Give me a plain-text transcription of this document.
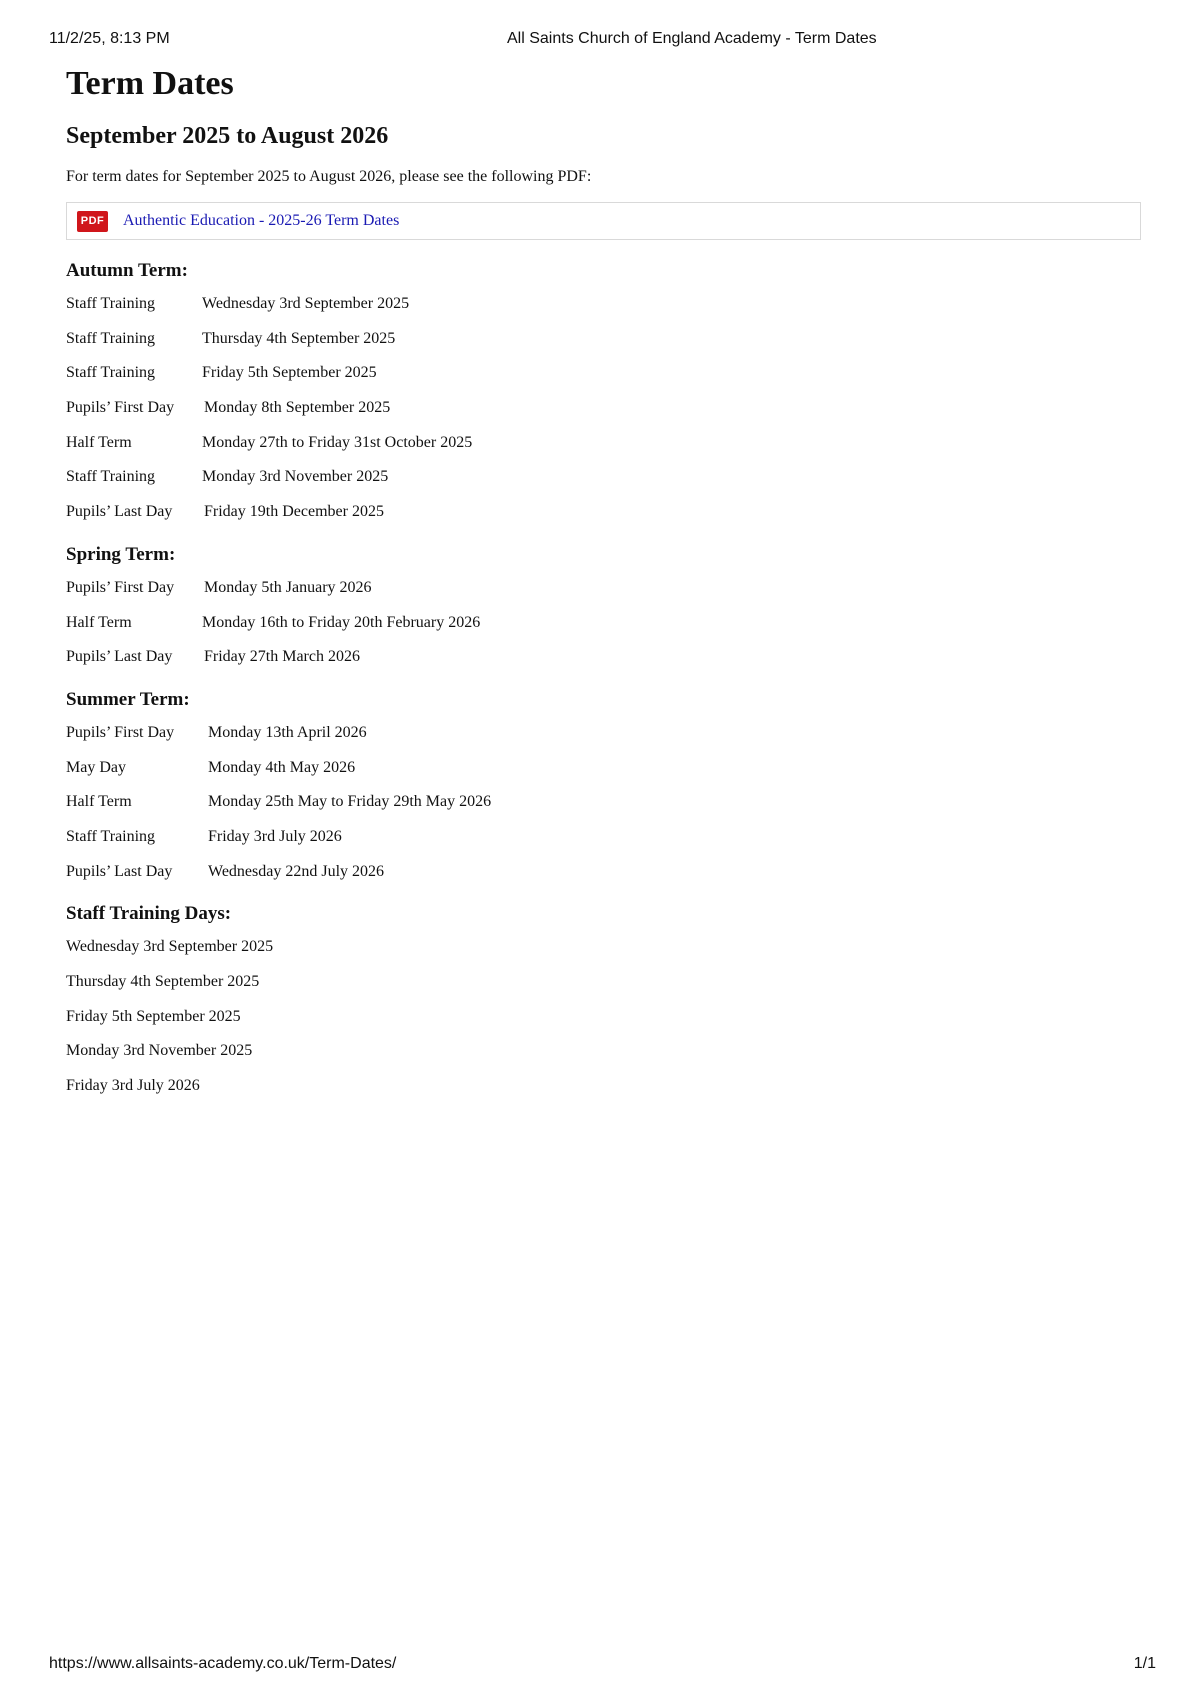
11/2/25, 8:13 PM	All Saints Church of England Academy - Term Dates
Term Dates
September 2025 to August 2026

For term dates for September 2025 to August 2026, please see the following PDF:

PDF Authentic Education - 2025-26 Term Dates
Autumn Term:
Staff Training	Wednesday 3rd September 2025
Staff Training	Thursday 4th September 2025
Staff Training	Friday 5th September 2025
Pupils’ First Day Monday 8th September 2025
Half Term	Monday 27th to Friday 31st October 2025
Staff Training	Monday 3rd November 2025
Pupils’ Last Day Friday 19th December 2025
Spring Term:
Pupils’ First Day Monday 5th January 2026
Half Term	Monday 16th to Friday 20th February 2026
Pupils’ Last Day Friday 27th March 2026
Summer Term:
Pupils’ First Day Monday 13th April 2026
May Day	Monday 4th May 2026
Half Term	Monday 25th May to Friday 29th May 2026
Staff Training	Friday 3rd July 2026
Pupils’ Last Day Wednesday 22nd July 2026
Staff Training Days:
Wednesday 3rd September 2025
Thursday 4th September 2025
Friday 5th September 2025
Monday 3rd November 2025
Friday 3rd July 2026
https://www.allsaints-academy.co.uk/Term-Dates/	1/1
